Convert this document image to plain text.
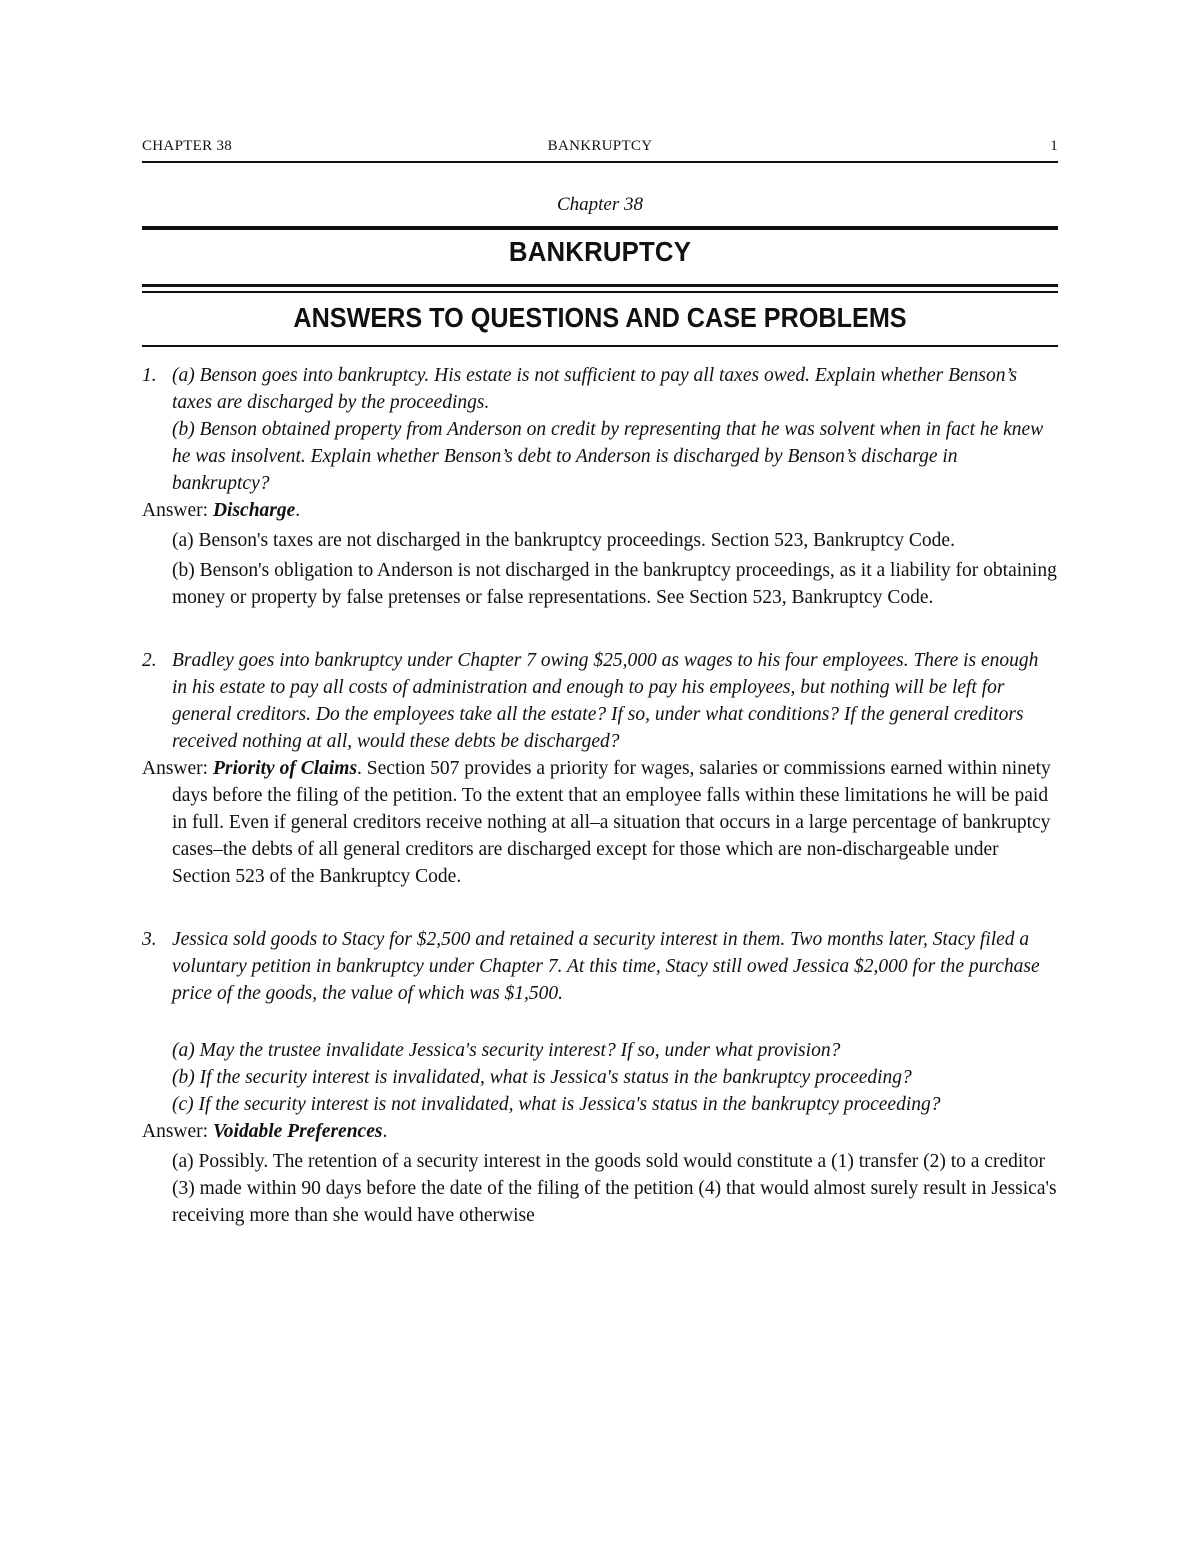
CHAPTER 38	BANKRUPTCY	1
Chapter 38
BANKRUPTCY
ANSWERS TO QUESTIONS AND CASE PROBLEMS

1. (a) Benson goes into bankruptcy. His estate is not sufficient to pay all taxes owed. Explain whether Benson’s taxes are discharged by the proceedings.

(b) Benson obtained property from Anderson on credit by representing that he was solvent when in fact he knew he was insolvent. Explain whether Benson’s debt to Anderson is discharged by Benson’s discharge in bankruptcy?

Answer: Discharge.

(a) Benson's taxes are not discharged in the bankruptcy proceedings. Section 523, Bankruptcy Code.

(b) Benson's obligation to Anderson is not discharged in the bankruptcy proceedings, as it a liability for obtaining money or property by false pretenses or false representations. See Section 523, Bankruptcy Code.

2. Bradley goes into bankruptcy under Chapter 7 owing $25,000 as wages to his four employees. There is enough in his estate to pay all costs of administration and enough to pay his employees, but nothing will be left for general creditors. Do the employees take all the estate? If so, under what conditions? If the general creditors received nothing at all, would these debts be discharged?

Answer: Priority of Claims. Section 507 provides a priority for wages, salaries or commissions earned within ninety days before the filing of the petition. To the extent that an employee falls within these limitations he will be paid in full. Even if general creditors receive nothing at all–a situation that occurs in a large percentage of bankruptcy cases–the debts of all general creditors are discharged except for those which are non-dischargeable under Section 523 of the Bankruptcy Code.

3. Jessica sold goods to Stacy for $2,500 and retained a security interest in them. Two months later, Stacy filed a voluntary petition in bankruptcy under Chapter 7. At this time, Stacy still owed Jessica $2,000 for the purchase price of the goods, the value of which was $1,500.

(a) May the trustee invalidate Jessica's security interest? If so, under what provision?

(b) If the security interest is invalidated, what is Jessica's status in the bankruptcy proceeding?

(c) If the security interest is not invalidated, what is Jessica's status in the bankruptcy proceeding?

Answer: Voidable Preferences.

(a) Possibly. The retention of a security interest in the goods sold would constitute a (1) transfer (2) to a creditor (3) made within 90 days before the date of the filing of the petition (4) that would almost surely result in Jessica's receiving more than she would have otherwise
